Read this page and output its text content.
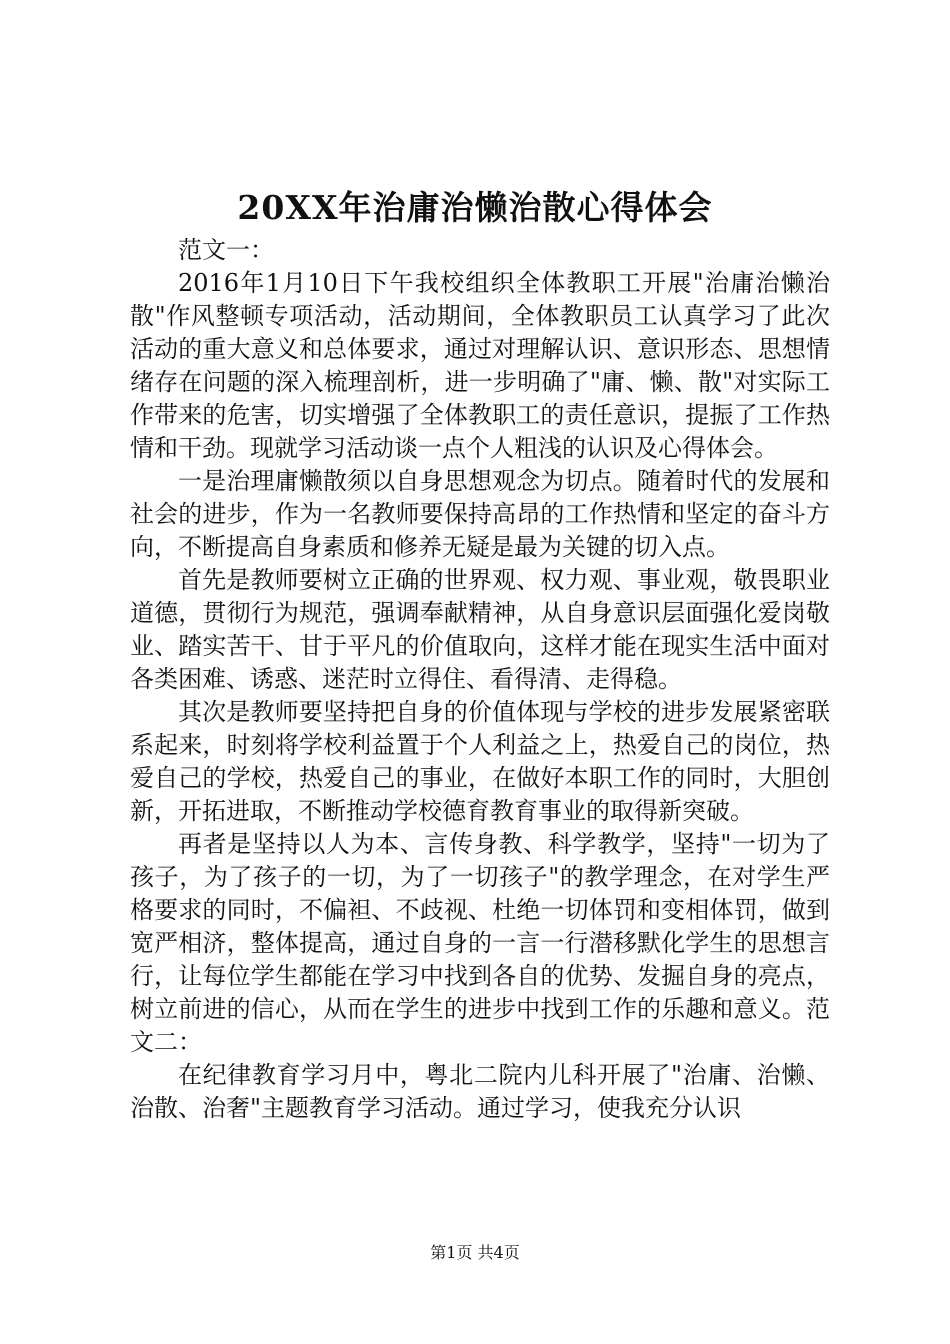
20XX年治庸治懒治散心得体会

范文一：

2016年1月10日下午我校组织全体教职工开展"治庸治懒治散"作风整顿专项活动，活动期间，全体教职员工认真学习了此次活动的重大意义和总体要求，通过对理解认识、意识形态、思想情绪存在问题的深入梳理剖析，进一步明确了"庸、懒、散"对实际工作带来的危害，切实增强了全体教职工的责任意识，提振了工作热情和干劲。现就学习活动谈一点个人粗浅的认识及心得体会。

一是治理庸懒散须以自身思想观念为切点。随着时代的发展和社会的进步，作为一名教师要保持高昂的工作热情和坚定的奋斗方向，不断提高自身素质和修养无疑是最为关键的切入点。

首先是教师要树立正确的世界观、权力观、事业观，敬畏职业道德，贯彻行为规范，强调奉献精神，从自身意识层面强化爱岗敬业、踏实苦干、甘于平凡的价值取向，这样才能在现实生活中面对各类困难、诱惑、迷茫时立得住、看得清、走得稳。

其次是教师要坚持把自身的价值体现与学校的进步发展紧密联系起来，时刻将学校利益置于个人利益之上，热爱自己的岗位，热爱自己的学校，热爱自己的事业，在做好本职工作的同时，大胆创新，开拓进取，不断推动学校德育教育事业的取得新突破。

再者是坚持以人为本、言传身教、科学教学，坚持"一切为了孩子，为了孩子的一切，为了一切孩子"的教学理念，在对学生严格要求的同时，不偏袒、不歧视、杜绝一切体罚和变相体罚，做到宽严相济，整体提高，通过自身的一言一行潜移默化学生的思想言行，让每位学生都能在学习中找到各自的优势、发掘自身的亮点，树立前进的信心，从而在学生的进步中找到工作的乐趣和意义。范文二：

在纪律教育学习月中，粤北二院内儿科开展了"治庸、治懒、治散、治奢"主题教育学习活动。通过学习，使我充分认识

第1页 共4页
